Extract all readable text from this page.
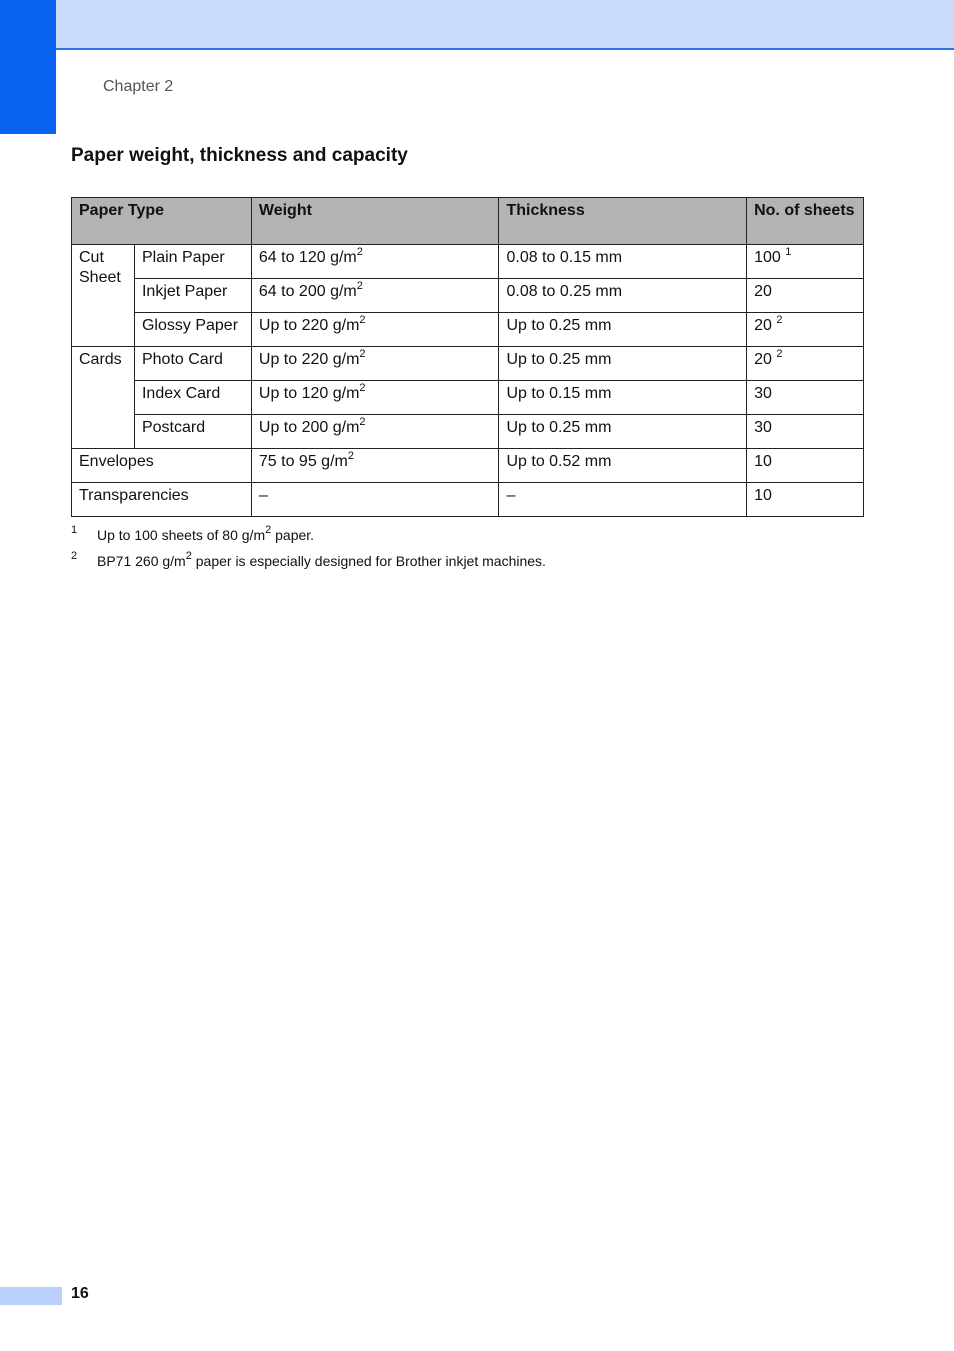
Chapter 2
Paper weight, thickness and capacity
Paper Type		Weight	Thickness	No. of sheets
Cut Sheet	Plain Paper	64 to 120 $g/m^2$	0.08 to 0.15 mm	100 $^1$
	Inkjet Paper	64 to 200 $g/m^2$	0.08 to 0.25 mm	20
	Glossy Paper	Up to 220 $g/m^2$	Up to 0.25 mm	20 $^2$
Cards	Photo Card	Up to 220 $g/m^2$	Up to 0.25 mm	20 $^2$
	Index Card	Up to 120 $g/m^2$	Up to 0.15 mm	30
	Postcard	Up to 200 $g/m^2$	Up to 0.25 mm	30
Envelopes		75 to 95 $g/m^2$	Up to 0.52 mm	10
Transparencies		–	–	10
1 Up to 100 sheets of 80 $g/m^2$ paper.
2 BP71 260 $g/m^2$ paper is especially designed for Brother inkjet machines.
16
